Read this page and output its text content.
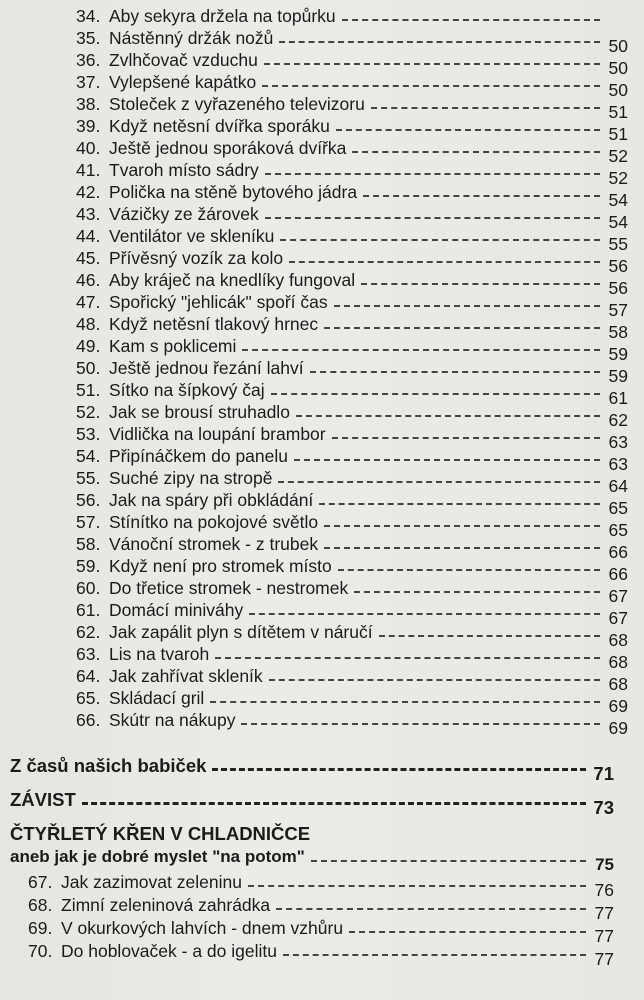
34. Aby sekyra držela na topůrku
35. Nástěnný držák nožů	50
36. Zvlhčovač vzduchu	50
37. Vylepšené kapátko	50
38. Stoleček z vyřazeného televizoru	51
39. Když netěsní dvířka sporáku	51
40. Ještě jednou sporáková dvířka	52
41. Tvaroh místo sádry	52
42. Polička na stěně bytového jádra	54
43. Vázičky ze žárovek	54
44. Ventilátor ve skleníku	55
45. Přívěsný vozík za kolo	56
46. Aby kráječ na knedlíky fungoval	56
47. Spořický "jehlicák" spoří čas	57
48. Když netěsní tlakový hrnec	58
49. Kam s poklicemi	59
50. Ještě jednou řezání lahví	59
51. Sítko na šípkový čaj	61
52. Jak se brousí struhadlo	62
53. Vidlička na loupání brambor	63
54. Připínáčkem do panelu	63
55. Suché zipy na stropě	64
56. Jak na spáry při obkládání	65
57. Stínítko na pokojové světlo	65
58. Vánoční stromek - z trubek	66
59. Když není pro stromek místo	66
60. Do třetice stromek - nestromek	67
61. Domácí miniváhy	67
62. Jak zapálit plyn s dítětem v náručí	68
63. Lis na tvaroh	68
64. Jak zahřívat skleník	68
65. Skládací gril	69
66. Skútr na nákupy	69
Z časů našich babiček	71
ZÁVIST	73
ČTYŘLETÝ KŘEN V CHLADNIČCE
aneb jak je dobré myslet "na potom"	75
67. Jak zazimovat zeleninu	76
68. Zimní zeleninová zahrádka	77
69. V okurkových lahvích - dnem vzhůru	77
70. Do hoblovaček - a do igelitu	77
